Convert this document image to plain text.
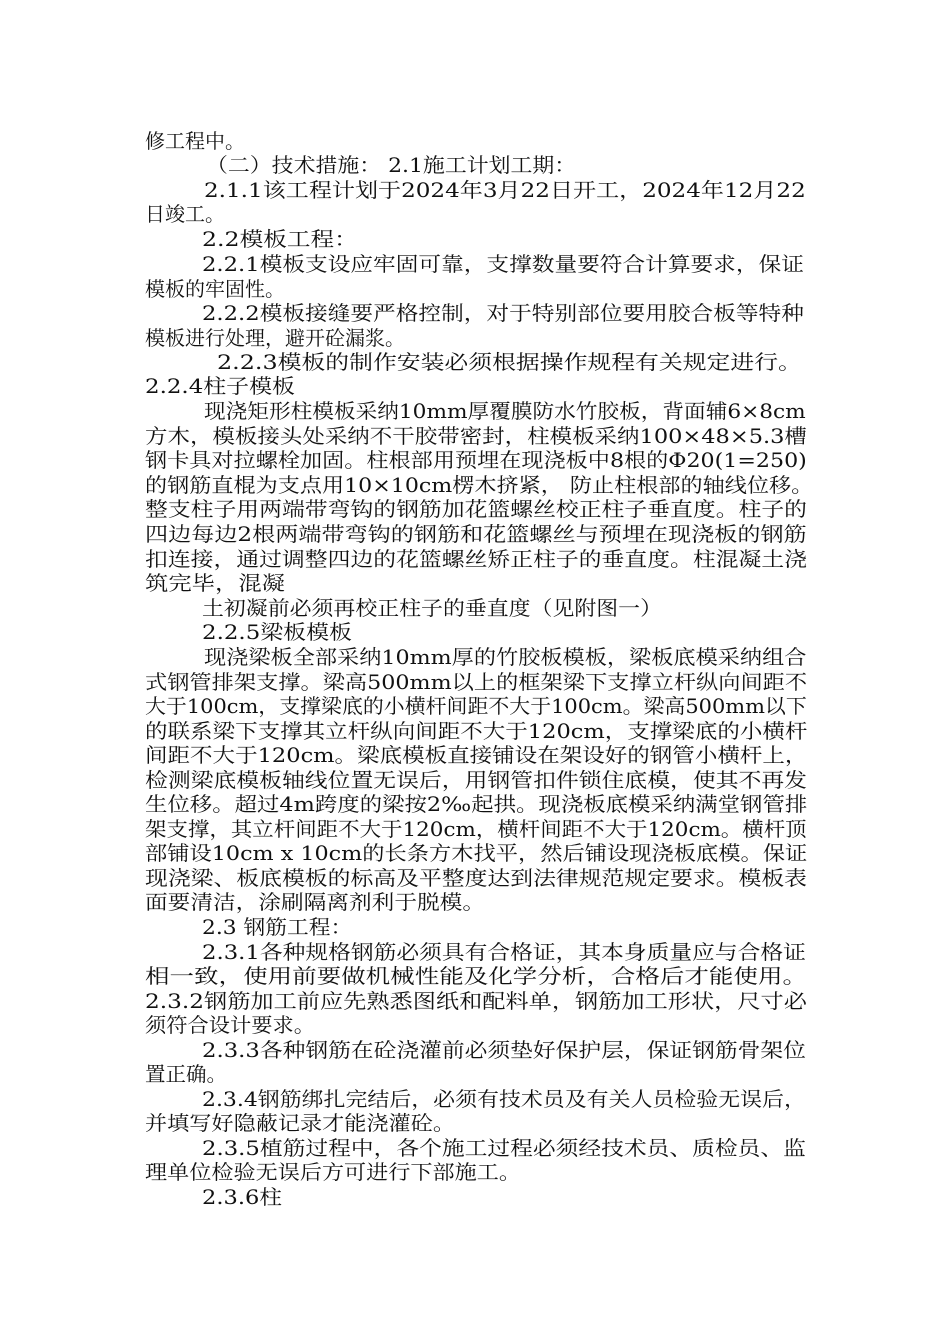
修工程中。

（二）技术措施： 2.1施工计划工期：

2.1.1该工程计划于2024年3月22日开工，2024年12月22

日竣工。

2.2模板工程：

2.2.1模板支设应牢固可靠，支撑数量要符合计算要求，保证

模板的牢固性。

2.2.2模板接缝要严格控制，对于特别部位要用胶合板等特种

模板进行处理，避开砼漏浆。

2.2.3模板的制作安装必须根据操作规程有关规定进行。

2.2.4柱子模板

现浇矩形柱模板采纳10mm厚覆膜防水竹胶板，背面辅6×8cm

方木，模板接头处采纳不干胶带密封，柱模板采纳100×48×5.3槽

钢卡具对拉螺栓加固。柱根部用预埋在现浇板中8根的Φ20(1=250)

的钢筋直棍为支点用10×10cm楞木挤紧， 防止柱根部的轴线位移。

整支柱子用两端带弯钩的钢筋加花篮螺丝校正柱子垂直度。柱子的

四边每边2根两端带弯钩的钢筋和花篮螺丝与预埋在现浇板的钢筋

扣连接，通过调整四边的花篮螺丝矫正柱子的垂直度。柱混凝土浇

筑完毕，混凝

土初凝前必须再校正柱子的垂直度（见附图一）

2.2.5梁板模板

现浇梁板全部采纳10mm厚的竹胶板模板，梁板底模采纳组合

式钢管排架支撑。梁高500mm以上的框架梁下支撑立杆纵向间距不

大于100cm，支撑梁底的小横杆间距不大于100cm。梁高500mm以下

的联系梁下支撑其立杆纵向间距不大于120cm，支撑梁底的小横杆

间距不大于120cm。梁底模板直接铺设在架设好的钢管小横杆上，

检测梁底模板轴线位置无误后，用钢管扣件锁住底模，使其不再发

生位移。超过4m跨度的梁按2‰起拱。现浇板底模采纳满堂钢管排

架支撑，其立杆间距不大于120cm，横杆间距不大于120cm。横杆顶

部铺设10cm x 10cm的长条方木找平，然后铺设现浇板底模。保证

现浇梁、板底模板的标高及平整度达到法律规范规定要求。模板表

面要清洁，涂刷隔离剂利于脱模。

2.3 钢筋工程：

2.3.1各种规格钢筋必须具有合格证，其本身质量应与合格证

相一致，使用前要做机械性能及化学分析，合格后才能使用。

2.3.2钢筋加工前应先熟悉图纸和配料单，钢筋加工形状，尺寸必

须符合设计要求。

2.3.3各种钢筋在砼浇灌前必须垫好保护层，保证钢筋骨架位

置正确。

2.3.4钢筋绑扎完结后，必须有技术员及有关人员检验无误后，

并填写好隐蔽记录才能浇灌砼。

2.3.5植筋过程中，各个施工过程必须经技术员、质检员、监

理单位检验无误后方可进行下部施工。

2.3.6柱
